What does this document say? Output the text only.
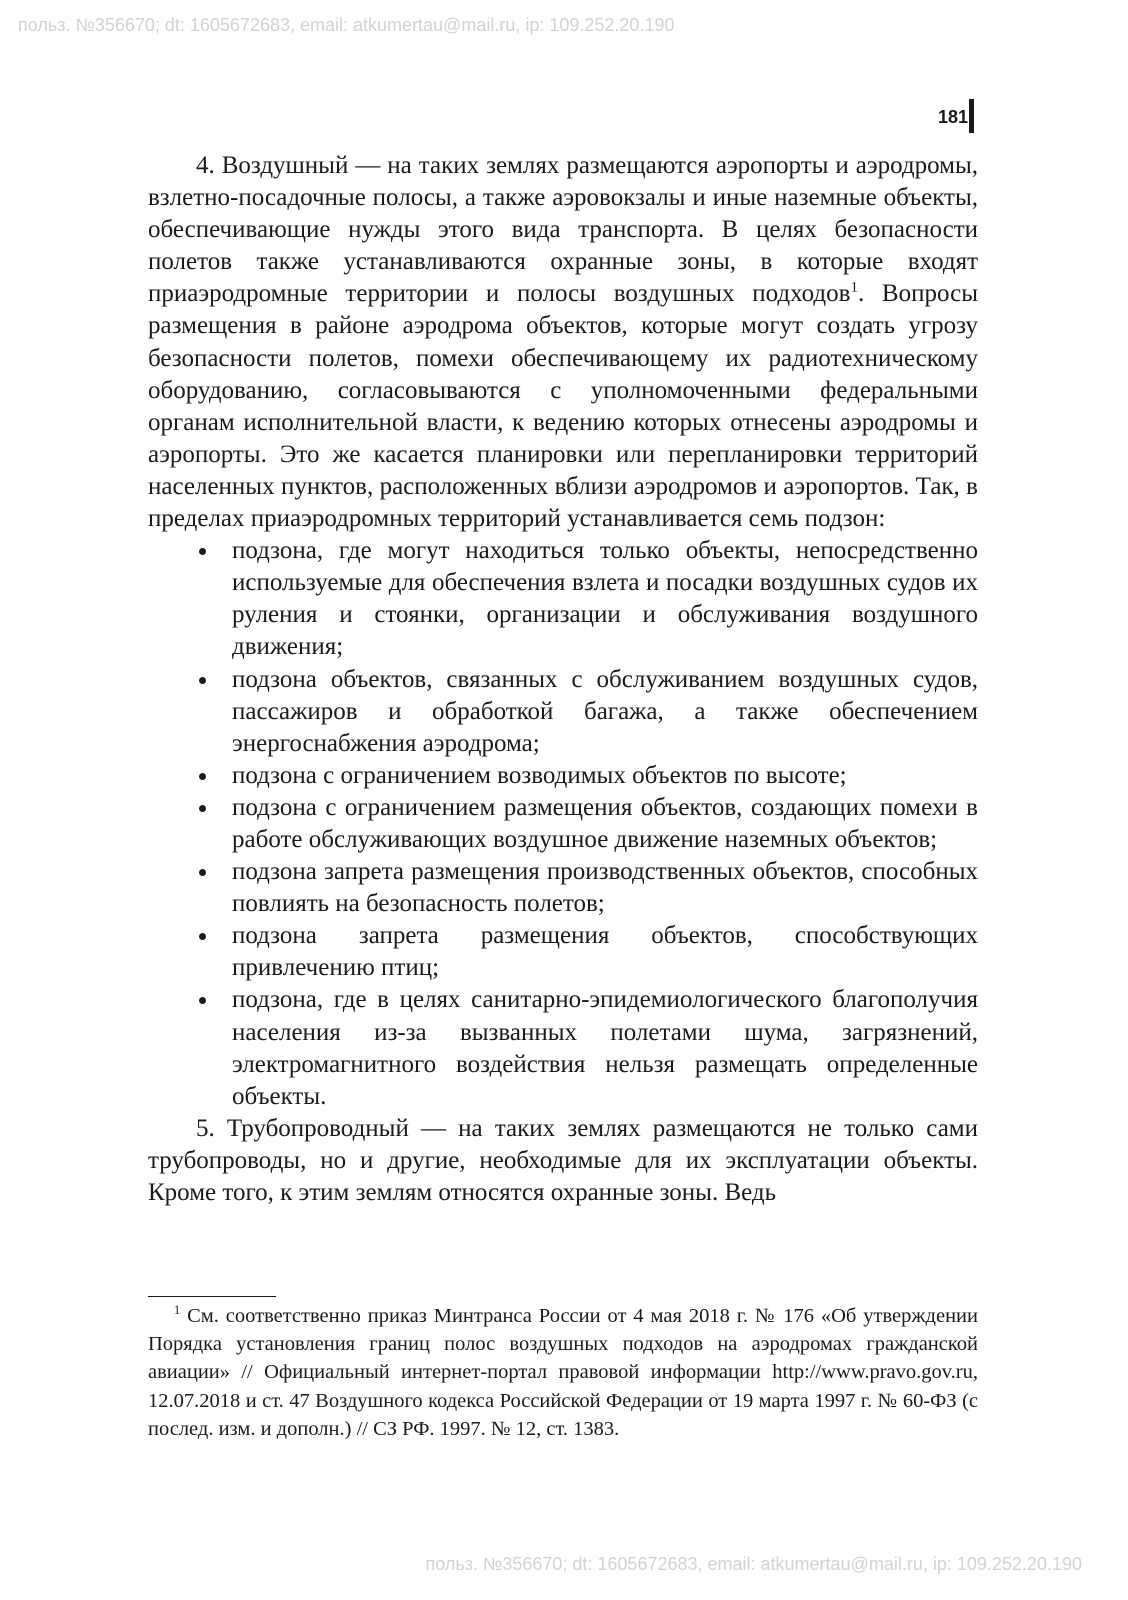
польз. №356670; dt: 1605672683, email: atkumertau@mail.ru, ip: 109.252.20.190
181

4. Воздушный — на таких землях размещаются аэропорты и аэродромы, взлетно-посадочные полосы, а также аэровокзалы и иные наземные объекты, обеспечивающие нужды этого вида транспорта. В целях безопасности полетов также устанавливаются охранные зоны, в которые входят приаэродромные территории и полосы воздушных подходов$^1$. Вопросы размещения в районе аэродрома объектов, которые могут создать угрозу безопасности полетов, помехи обеспечивающему их радиотехническому оборудованию, согласовываются с уполномоченными федеральными органам исполнительной власти, к ведению которых отнесены аэродромы и аэропорты. Это же касается планировки или перепланировки территорий населенных пунктов, расположенных вблизи аэродромов и аэропортов. Так, в пределах приаэродромных территорий устанавливается семь подзон:

подзона, где могут находиться только объекты, непосредственно используемые для обеспечения взлета и посадки воздушных судов их руления и стоянки, организации и обслуживания воздушного движения;
подзона объектов, связанных с обслуживанием воздушных судов, пассажиров и обработкой багажа, а также обеспечением энергоснабжения аэродрома;
подзона с ограничением возводимых объектов по высоте;
подзона с ограничением размещения объектов, создающих помехи в работе обслуживающих воздушное движение наземных объектов;
подзона запрета размещения производственных объектов, способных повлиять на безопасность полетов;
подзона запрета размещения объектов, способствующих привлечению птиц;
подзона, где в целях санитарно-эпидемиологического благополучия населения из-за вызванных полетами шума, загрязнений, электромагнитного воздействия нельзя размещать определенные объекты.

5. Трубопроводный — на таких землях размещаются не только сами трубопроводы, но и другие, необходимые для их эксплуатации объекты. Кроме того, к этим землям относятся охранные зоны. Ведь

$^1$ См. соответственно приказ Минтранса России от 4 мая 2018 г. № 176 «Об утверждении Порядка установления границ полос воздушных подходов на аэродромах гражданской авиации» // Официальный интернет-портал правовой информации http://www.pravo.gov.ru, 12.07.2018 и ст. 47 Воздушного кодекса Российской Федерации от 19 марта 1997 г. № 60-ФЗ (с послед. изм. и дополн.) // СЗ РФ. 1997. № 12, ст. 1383.
польз. №356670; dt: 1605672683, email: atkumertau@mail.ru, ip: 109.252.20.190
